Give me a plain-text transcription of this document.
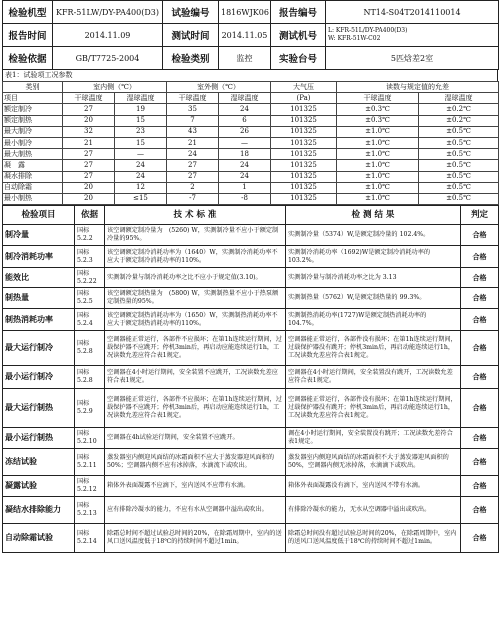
检验机型	KFR-51LW/DY-PA400(D3)	试验编号	1816WJK06	报告编号	NT14-S04T2014110014
报告时间	2014.11.09	测试时间	2014.11.05	测试机号	L: KFR-51L/DY-PA400(D3)
W: KFR-51W-C02

检验依据	GB/T7725-2004	检验类别	监控	实验台号	5匹焓差2室
表1：试验项工况参数
类别	室内侧（℃）		室外侧（℃）		大气压	读数与规定值的允差	
项目	干球温度	湿球温度	干球温度	湿球温度	(Pa)	干球温度	湿球温度
额定制冷	27	19	35	24	101325	±0.3℃	±0.2℃
额定制热	20	15	7	6	101325	±0.3℃	±0.2℃
最大制冷	32	23	43	26	101325	±1.0℃	±0.5℃
最小制冷	21	15	21	—	101325	±1.0℃	±0.5℃
最大制热	27	—	24	18	101325	±1.0℃	±0.5℃
凝　露	27	24	27	24	101325	±1.0℃	±0.5℃
凝水排除	27	24	27	24	101325	±1.0℃	±0.5℃
自动除霜	20	12	2	1	101325	±1.0℃	±0.5℃
最小制热	20	≤15	-7	-8	101325	±1.0℃	±0.5℃
检验项目	依据	技 术 标 准	检 测 结 果	判定
制冷量	国标 5.2.2	该空调额定制冷量为　(5260) W，实测制冷量不应小于额定制冷量的95%。	实测制冷量（5374）W,是额定制冷量的 102.4%。	合格
制冷消耗功率	国标 5.2.3	该空调额定制冷消耗功率为（1640）W，实测制冷消耗功率不应大于额定制冷消耗功率的110%。	实测制冷消耗功率（1692)W是额定制冷消耗功率的 103.2%。	合格
能效比	国标 5.2.22	实测制冷量与制冷消耗功率之比不应小于规定值(3.10)。	实测制冷量与制冷消耗功率之比为 3.13	合格
制热量	国标 5.2.5	该空调额定制热量为　(5800) W，实测制热量不应小于热泵额定制热量的95%。	实测制热量（5762）W,是额定制热量的 99.3%。	合格
制热消耗功率	国标 5.2.4	该空调额定制热消耗功率为（1650）W，实测制热消耗功率不应大于额定制热消耗功率的110%。	实测制热消耗功率(1727)W是额定制热消耗功率的 104.7%。	合格
最大运行制冷	国标 5.2.8	空调器能正常运行，各部件不应损坏；在第1h连续运行期间，过载保护器不应跳开；停机3min后，再启动应能连续运行1h，工况读数允差应符合表1规定。	空调器能正常运行，各部件没有损坏；在第1h连续运行期间，过载保护器没有跳开；停机3min后，再启动能连续运行1h，工况读数允差应符合表1规定。	合格
最小运行制冷	国标 5.2.8	空调器在4小时运行期间，安全装置不应跳开，工况读数允差应符合表1规定。	空调器在4小时运行期间，安全装置没有跳开，工况读数允差应符合表1规定。	合格
最大运行制热	国标 5.2.9	空调器能正常运行，各部件不应损坏；在第1h连续运行期间，过载保护器不应跳开；停机3min后，再启动应能连续运行1h，工况读数允差应符合表1规定。	空调器能正常运行，各部件没有损坏；在第1h连续运行期间，过载保护器没有跳开；停机3min后，再启动能连续运行1h，工况读数允差应符合表1规定。	合格
最小运行制热	国标 5.2.10	空调器在4h试验运行期间，安全装置不应跳开。	调在4小时运行期间，安全装置没有跳开；工况读数允差符合表1规定。	合格
冻结试验	国标 5.2.11	蒸发器室内侧迎风面结的冰霜面积不应大于蒸发器迎风面积的50%；空调器内侧不应有冰掉落，水滴流下或吹出。	蒸发器室内侧迎风面结的冰霜面积不大于蒸发器迎风面积的50%，空调器内侧无冰掉落，水滴滴下或吹出。	合格
凝露试验	国标 5.2.12	箱体外表面凝露不应滴下，室内送风不应带有水滴。	箱体外表面凝露没有滴下，室内送风不带有水滴。	合格
凝结水排除能力	国标 5.2.13	应有排除冷凝水的能力，不应有水从空调器中溢出或吹出。	有排除冷凝水的能力，无水从空调器中溢出或吹出。	合格
自动除霜试验	国标 5.2.14	除霜总时间不超过试验总时间的20%，在除霜周期中，室内的送风口送风温度低于18℃的持续时间不超过1min。	除霜总时间没有超过试验总时间的20%，在除霜周期中，室内的送风口送风温度低于18℃的持续时间不超过1min。	合格
